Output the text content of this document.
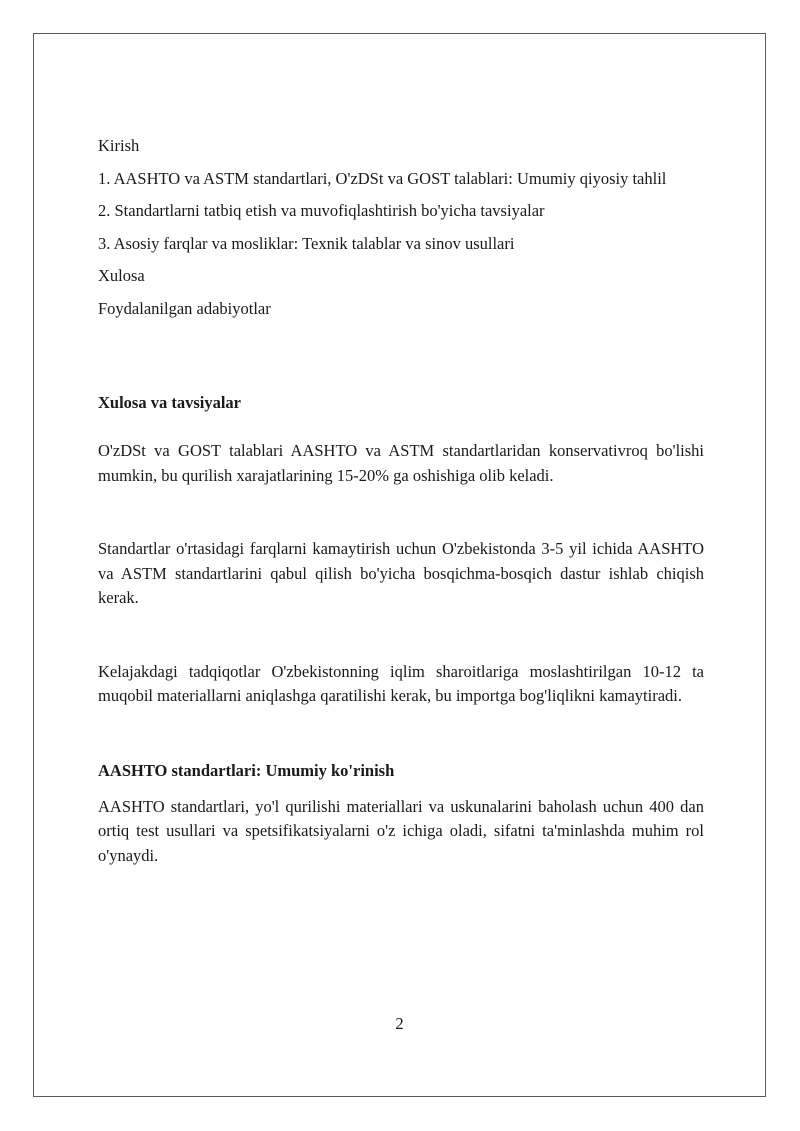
Kirish

1. AASHTO va ASTM standartlari, O'zDSt va GOST talablari: Umumiy qiyosiy tahlil

2. Standartlarni tatbiq etish va muvofiqlashtirish bo'yicha tavsiyalar

3. Asosiy farqlar va mosliklar: Texnik talablar va sinov usullari

Xulosa

Foydalanilgan adabiyotlar

Xulosa va tavsiyalar

O'zDSt va GOST talablari AASHTO va ASTM standartlaridan konservativroq bo'lishi mumkin, bu qurilish xarajatlarining 15-20% ga oshishiga olib keladi.

Standartlar o'rtasidagi farqlarni kamaytirish uchun O'zbekistonda 3-5 yil ichida AASHTO va ASTM standartlarini qabul qilish bo'yicha bosqichma-bosqich dastur ishlab chiqish kerak.

Kelajakdagi tadqiqotlar O'zbekistonning iqlim sharoitlariga moslashtirilgan 10-12 ta muqobil materiallarni aniqlashga qaratilishi kerak, bu importga bog'liqlikni kamaytiradi.

AASHTO standartlari: Umumiy ko'rinish

AASHTO standartlari, yo'l qurilishi materiallari va uskunalarini baholash uchun 400 dan ortiq test usullari va spetsifikatsiyalarni o'z ichiga oladi, sifatni ta'minlashda muhim rol o'ynaydi.

2
